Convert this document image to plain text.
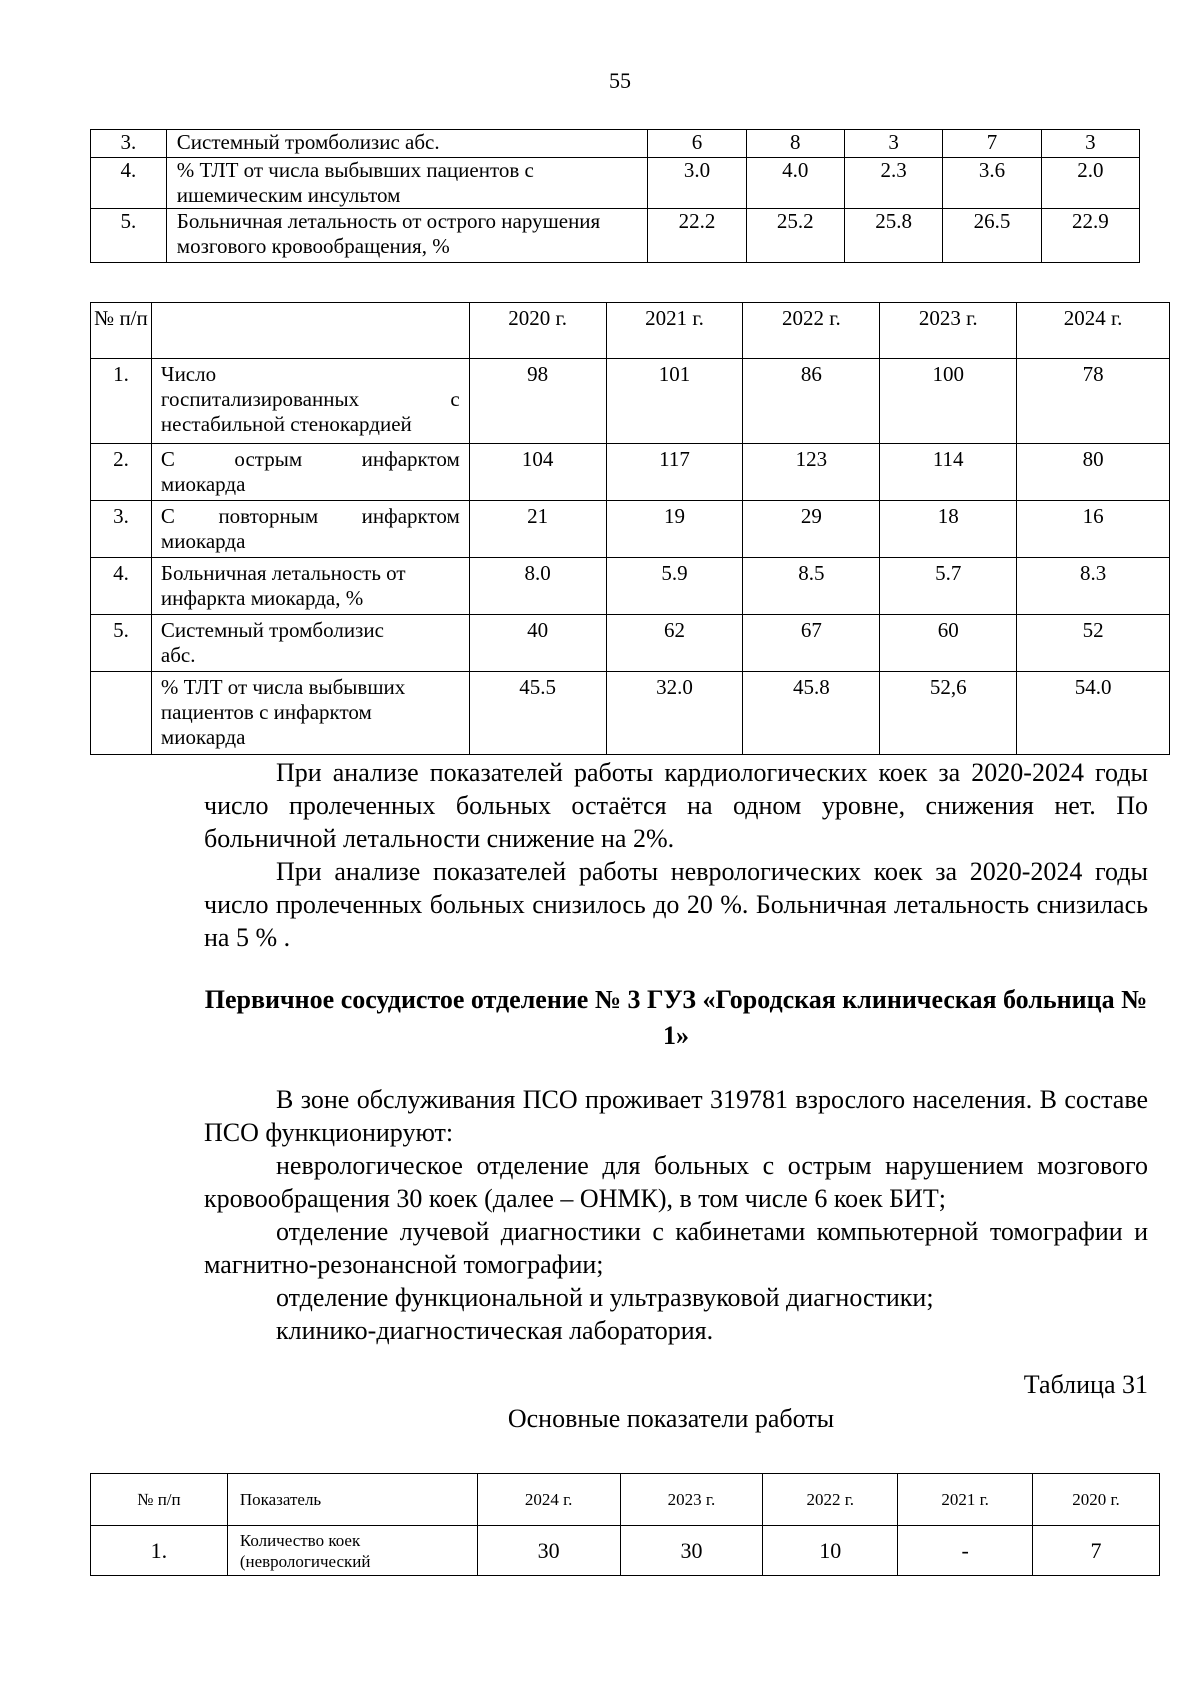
55
3.	Системный тромболизис абс.	6	8	3	7	3
4.	% ТЛТ от числа выбывших пациентов с ишемическим инсультом	3.0	4.0	2.3	3.6	2.0
5.	Больничная летальность от острого нарушения мозгового кровообращения, %	22.2	25.2	25.8	26.5	22.9
№ п/п		2020 г.	2021 г.	2022 г.	2023 г.	2024 г.
1.	Число
госпитализированных с
нестабильной стенокардией	98	101	86	100	78
2.	С острым инфарктом
миокарда	104	117	123	114	80
3.	С повторным инфарктом
миокарда	21	19	29	18	16
4.	Больничная летальность от
инфаркта миокарда, %	8.0	5.9	8.5	5.7	8.3
5.	Системный тромболизис
абс.	40	62	67	60	52

	% ТЛТ от числа выбывших
пациентов с инфарктом
миокарда	45.5	32.0	45.8	52,6	54.0

При анализе показателей работы кардиологических коек за 2020-2024 годы число пролеченных больных остаётся на одном уровне, снижения нет. По больничной летальности снижение на 2%.

При анализе показателей работы неврологических коек за 2020-2024 годы число пролеченных больных снизилось до 20 %. Больничная летальность снизилась на 5 % .

Первичное сосудистое отделение № 3 ГУЗ «Городская клиническая больница № 1»

В зоне обслуживания ПСО проживает 319781 взрослого населения. В составе ПСО функционируют:

неврологическое отделение для больных с острым нарушением мозгового кровообращения 30 коек (далее – ОНМК), в том числе 6 коек БИТ;

отделение лучевой диагностики с кабинетами компьютерной томографии и магнитно-резонансной томографии;

отделение функциональной и ультразвуковой диагностики;

клинико-диагностическая лаборатория.

Таблица 31
Основные показатели работы
№ п/п	Показатель	2024 г.	2023 г.	2022 г.	2021 г.	2020 г.
1.	Количество коек
(неврологический	30	30	10	-	7
